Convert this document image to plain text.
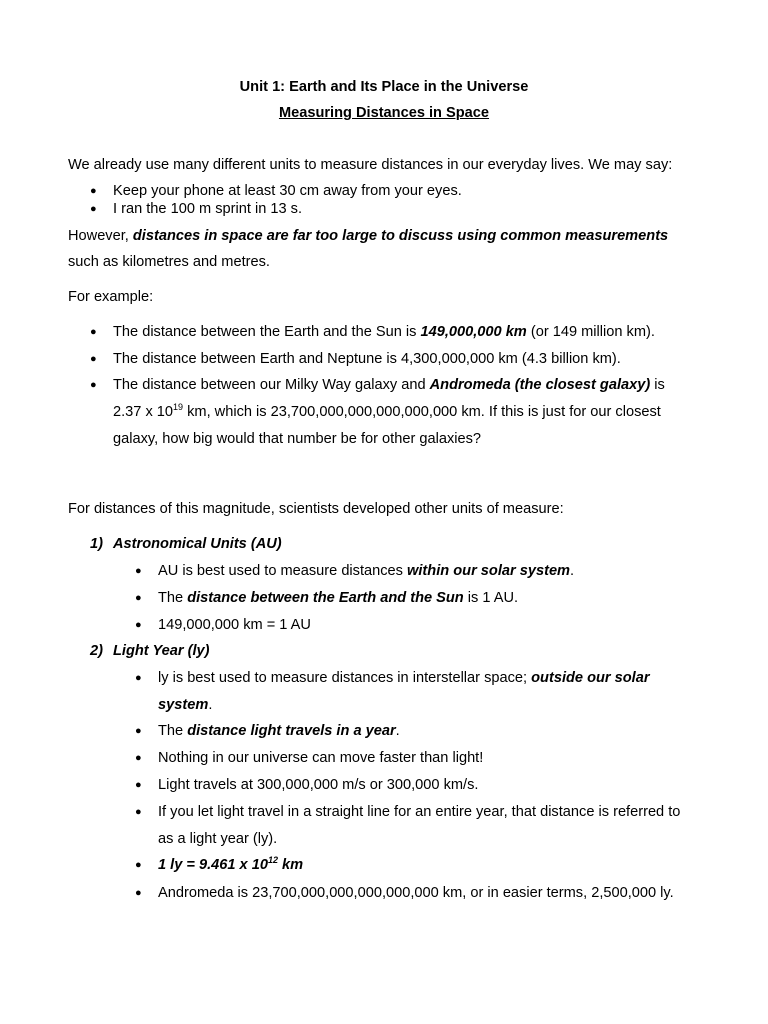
Unit 1: Earth and Its Place in the Universe
Measuring Distances in Space
We already use many different units to measure distances in our everyday lives. We may say:
● Keep your phone at least 30 cm away from your eyes.
● I ran the 100 m sprint in 13 s.
However, distances in space are far too large to discuss using common measurements
such as kilometres and metres.
For example:
● The distance between the Earth and the Sun is 149,000,000 km (or 149 million km).
● The distance between Earth and Neptune is 4,300,000,000 km (4.3 billion km).
● The distance between our Milky Way galaxy and Andromeda (the closest galaxy) is
2.37 x $10^{19}$ km, which is 23,700,000,000,000,000,000 km. If this is just for our closest
galaxy, how big would that number be for other galaxies?
For distances of this magnitude, scientists developed other units of measure:
1) Astronomical Units (AU)
● AU is best used to measure distances within our solar system.
● The distance between the Earth and the Sun is 1 AU.
● 149,000,000 km = 1 AU
2) Light Year (ly)
● ly is best used to measure distances in interstellar space; outside our solar
system.
● The distance light travels in a year.
● Nothing in our universe can move faster than light!
● Light travels at 300,000,000 m/s or 300,000 km/s.
● If you let light travel in a straight line for an entire year, that distance is referred to
as a light year (ly).
● 1 ly = 9.461 x $10^{12}$ km
● Andromeda is 23,700,000,000,000,000,000 km, or in easier terms, 2,500,000 ly.
